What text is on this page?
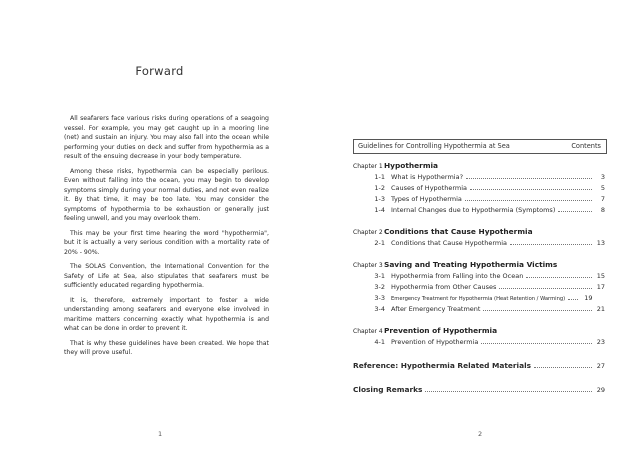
Forward

All seafarers face various risks during operations of a seagoing vessel. For example, you may get caught up in a mooring line (net) and sustain an injury. You may also fall into the ocean while performing your duties on deck and suffer from hypothermia as a result of the ensuing decrease in your body temperature.

Among these risks, hypothermia can be especially perilous. Even without falling into the ocean, you may begin to develop symptoms simply during your normal duties, and not even realize it. By that time, it may be too late. You may consider the symptoms of hypothermia to be exhaustion or generally just feeling unwell, and you may overlook them.

This may be your first time hearing the word "hypothermia", but it is actually a very serious condition with a mortality rate of 20% - 90%.

The SOLAS Convention, the International Convention for the Safety of Life at Sea, also stipulates that seafarers must be sufficiently educated regarding hypothermia.

It is, therefore, extremely important to foster a wide understanding among seafarers and everyone else involved in maritime matters concerning exactly what hypothermia is and what can be done in order to prevent it.

That is why these guidelines have been created. We hope that they will prove useful.

1
Guidelines for Controlling Hypothermia at Sea	Contents
Chapter 1Hypothermia
1-1 What is Hypothermia?	3
1-2 Causes of Hypothermia	5
1-3 Types of Hypothermia	7
1-4 Internal Changes due to Hypothermia (Symptoms)	8
Chapter 2Conditions that Cause Hypothermia
2-1 Conditions that Cause Hypothermia	13
Chapter 3Saving and Treating Hypothermia Victims
3-1 Hypothermia from Falling into the Ocean	15
3-2 Hypothermia from Other Causes	17
3-3	Emergency Treatment for Hypothermia (Heat Retention / Warming)	19
3-4 After Emergency Treatment	21
Chapter 4Prevention of Hypothermia
4-1 Prevention of Hypothermia	23
Reference: Hypothermia Related Materials	27
Closing Remarks	29
2
